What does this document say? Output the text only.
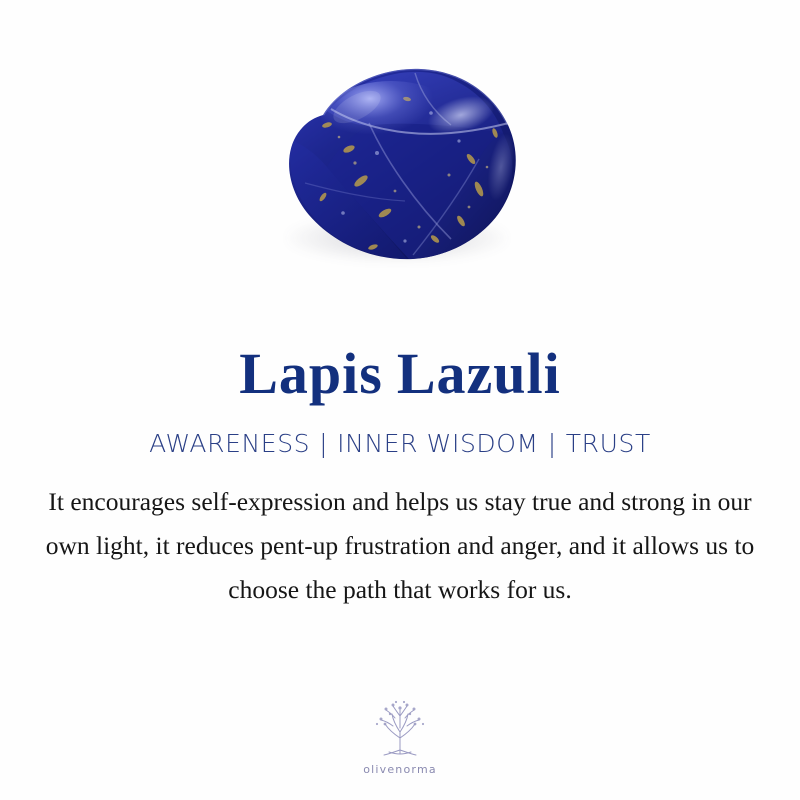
Lapis Lazuli
AWARENESS | INNER WISDOM | TRUST

It encourages self-expression and helps us stay true and strong in our own light, it reduces pent-up frustration and anger, and it allows us to choose the path that works for us.

olivenorma
